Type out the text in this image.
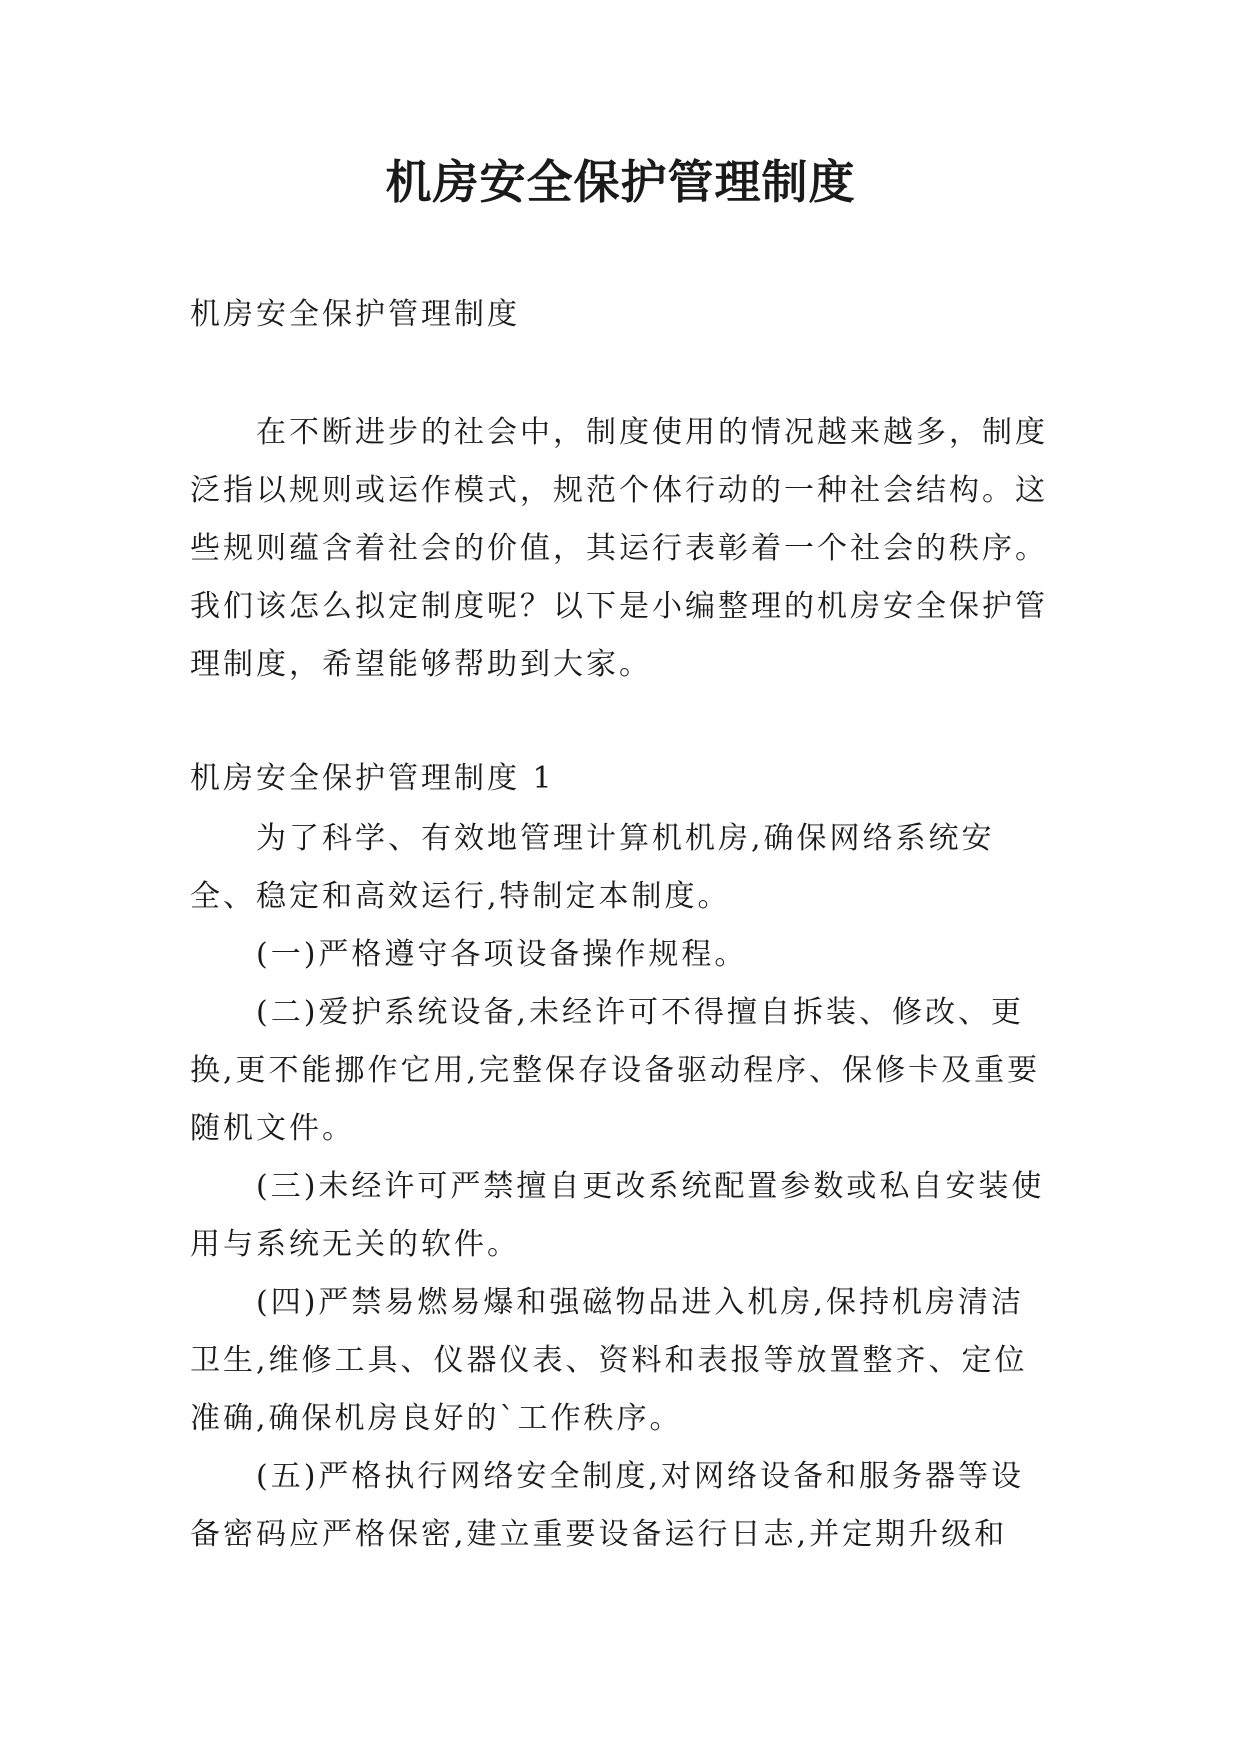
机房安全保护管理制度

机房安全保护管理制度

在不断进步的社会中，制度使用的情况越来越多，制度泛指以规则或运作模式，规范个体行动的一种社会结构。这些规则蕴含着社会的价值，其运行表彰着一个社会的秩序。我们该怎么拟定制度呢？以下是小编整理的机房安全保护管理制度，希望能够帮助到大家。

机房安全保护管理制度 1

为了科学、有效地管理计算机机房,确保网络系统安全、稳定和高效运行,特制定本制度。

(一)严格遵守各项设备操作规程。

(二)爱护系统设备,未经许可不得擅自拆装、修改、更换,更不能挪作它用,完整保存设备驱动程序、保修卡及重要随机文件。

(三)未经许可严禁擅自更改系统配置参数或私自安装使用与系统无关的软件。

(四)严禁易燃易爆和强磁物品进入机房,保持机房清洁卫生,维修工具、仪器仪表、资料和表报等放置整齐、定位准确,确保机房良好的`工作秩序。

(五)严格执行网络安全制度,对网络设备和服务器等设备密码应严格保密,建立重要设备运行日志,并定期升级和
